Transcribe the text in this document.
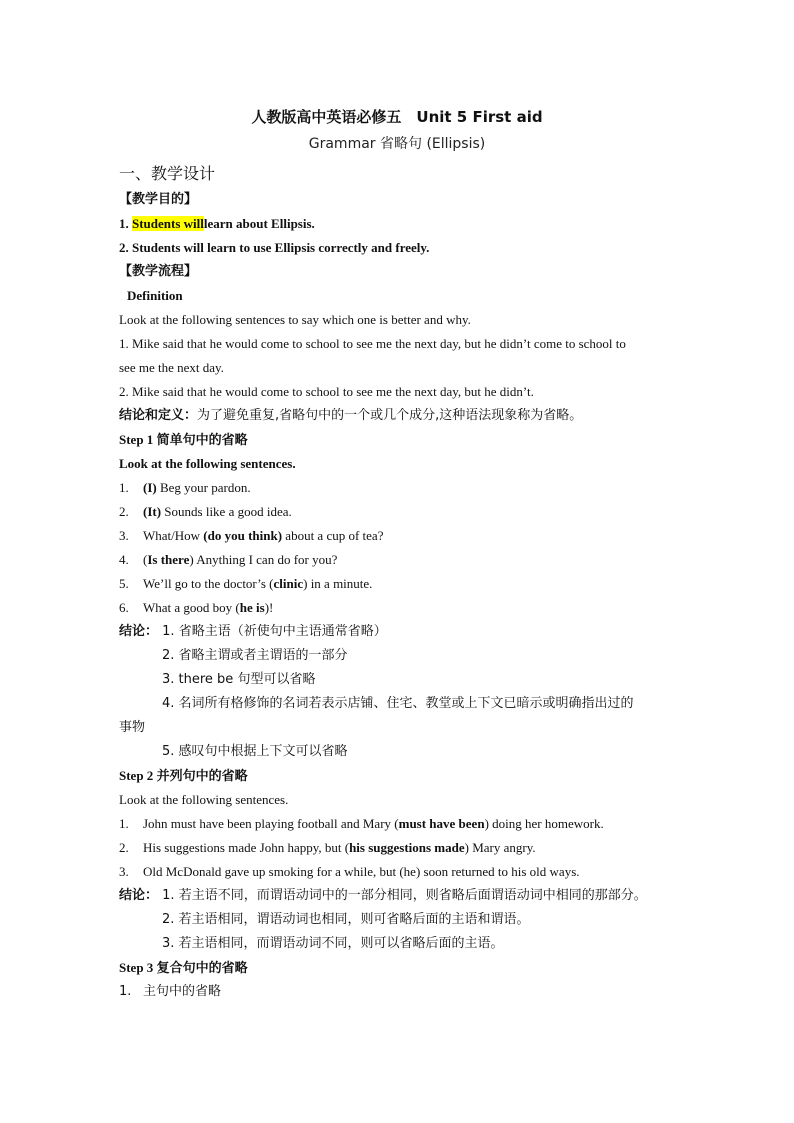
人教版高中英语必修五　Unit 5 First aid
Grammar 省略句 (Ellipsis)
一、教学设计
【教学目的】
1. Students willlearn about Ellipsis.
2. Students will learn to use Ellipsis correctly and freely.
【教学流程】
Definition
Look at the following sentences to say which one is better and why.
1. Mike said that he would come to school to see me the next day, but he didn’t come to school to
see me the next day.
2. Mike said that he would come to school to see me the next day, but he didn’t.
结论和定义：为了避免重复,省略句中的一个或几个成分,这种语法现象称为省略。
Step 1 简单句中的省略
Look at the following sentences.
1. (I) Beg your pardon.
2. (It) Sounds like a good idea.
3. What/How (do you think) about a cup of tea?
4. (Is there) Anything I can do for you?
5. We’ll go to the doctor’s (clinic) in a minute.
6. What a good boy (he is)!
结论： 1. 省略主语（祈使句中主语通常省略）
2. 省略主谓或者主谓语的一部分
3. there be 句型可以省略
4. 名词所有格修饰的名词若表示店铺、住宅、教堂或上下文已暗示或明确指出过的
事物
5. 感叹句中根据上下文可以省略
Step 2 并列句中的省略
Look at the following sentences.
1. John must have been playing football and Mary (must have been) doing her homework.
2. His suggestions made John happy, but (his suggestions made) Mary angry.
3. Old McDonald gave up smoking for a while, but (he) soon returned to his old ways.
结论： 1. 若主语不同，而谓语动词中的一部分相同，则省略后面谓语动词中相同的那部分。
2. 若主语相同，谓语动词也相同，则可省略后面的主语和谓语。
3. 若主语相同，而谓语动词不同，则可以省略后面的主语。
Step 3 复合句中的省略
1. 主句中的省略
